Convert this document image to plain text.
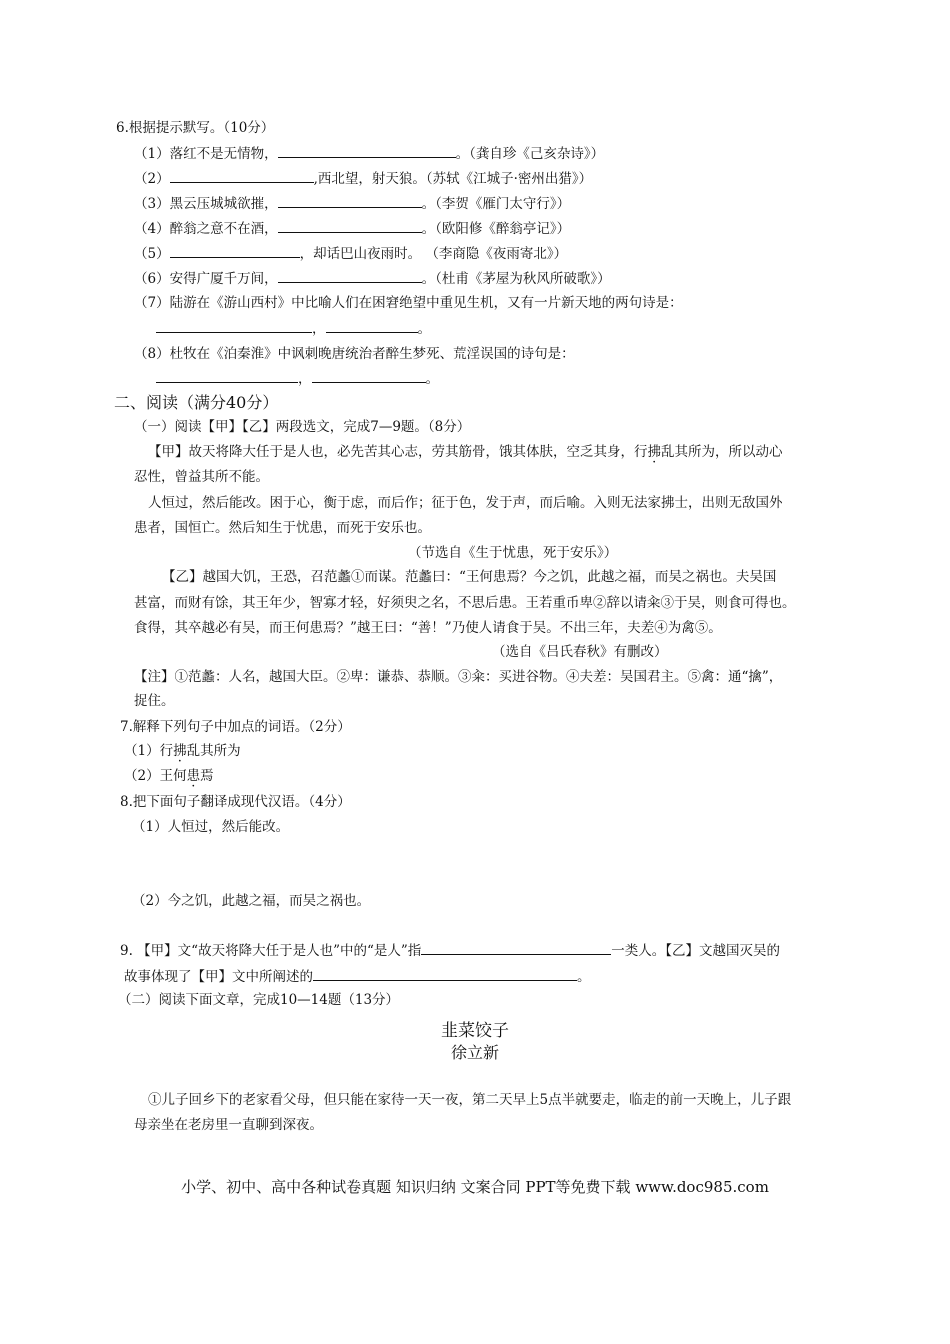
6.根据提示默写。（10分）
（1）落红不是无情物，	。（龚自珍《己亥杂诗》）
（2）	,西北望，射天狼。（苏轼《江城子·密州出猎》）
（3）黑云压城城欲摧，	。（李贺《雁门太守行》）
（4）醉翁之意不在酒，	。（欧阳修《醉翁亭记》）
（5）	，却话巴山夜雨时。 （李商隐《夜雨寄北》）
（6）安得广厦千万间，	。（杜甫《茅屋为秋风所破歌》）
（7）陆游在《游山西村》中比喻人们在困窘绝望中重见生机，又有一片新天地的两句诗是：
，	。
（8）杜牧在《泊秦淮》中讽刺晚唐统治者醉生梦死、荒淫误国的诗句是：
，	。
二、阅读（满分40分）
（一）阅读【甲】【乙】两段选文，完成7—9题。（8分）
【甲】故天将降大任于是人也，必先苦其心志，劳其筋骨，饿其体肤，空乏其身，行拂乱其所为，所以动心
忍性，曾益其所不能。
人恒过，然后能改。困于心，衡于虑，而后作；征于色，发于声，而后喻。入则无法家拂士，出则无敌国外
患者，国恒亡。然后知生于忧患，而死于安乐也。
（节选自《生于忧患，死于安乐》）
【乙】越国大饥，王恐，召范蠡①而谋。范蠡曰：“王何患焉？今之饥，此越之福，而吴之祸也。夫吴国
甚富，而财有馀，其王年少，智寡才轻，好须臾之名，不思后患。王若重币卑②辞以请籴③于吴，则食可得也。
食得，其卒越必有吴，而王何患焉？”越王曰：“善！”乃使人请食于吴。不出三年，夫差④为禽⑤。
（选自《吕氏春秋》有删改）
【注】①范蠡：人名，越国大臣。②卑：谦恭、恭顺。③籴：买进谷物。④夫差：吴国君主。⑤禽：通“擒”，
捉住。
7.解释下列句子中加点的词语。（2分）
（1）行拂乱其所为
（2）王何患焉
8.把下面句子翻译成现代汉语。（4分）
（1）人恒过，然后能改。
（2）今之饥，此越之福，而吴之祸也。
9. 【甲】文“故天将降大任于是人也”中的“是人”指	一类人。【乙】文越国灭吴的
故事体现了【甲】文中所阐述的	。
（二）阅读下面文章，完成10—14题（13分）
韭菜饺子
徐立新
①儿子回乡下的老家看父母，但只能在家待一天一夜，第二天早上5点半就要走，临走的前一天晚上，儿子跟
母亲坐在老房里一直聊到深夜。
小学、初中、高中各种试卷真题 知识归纳 文案合同 PPT等免费下载 www.doc985.com
